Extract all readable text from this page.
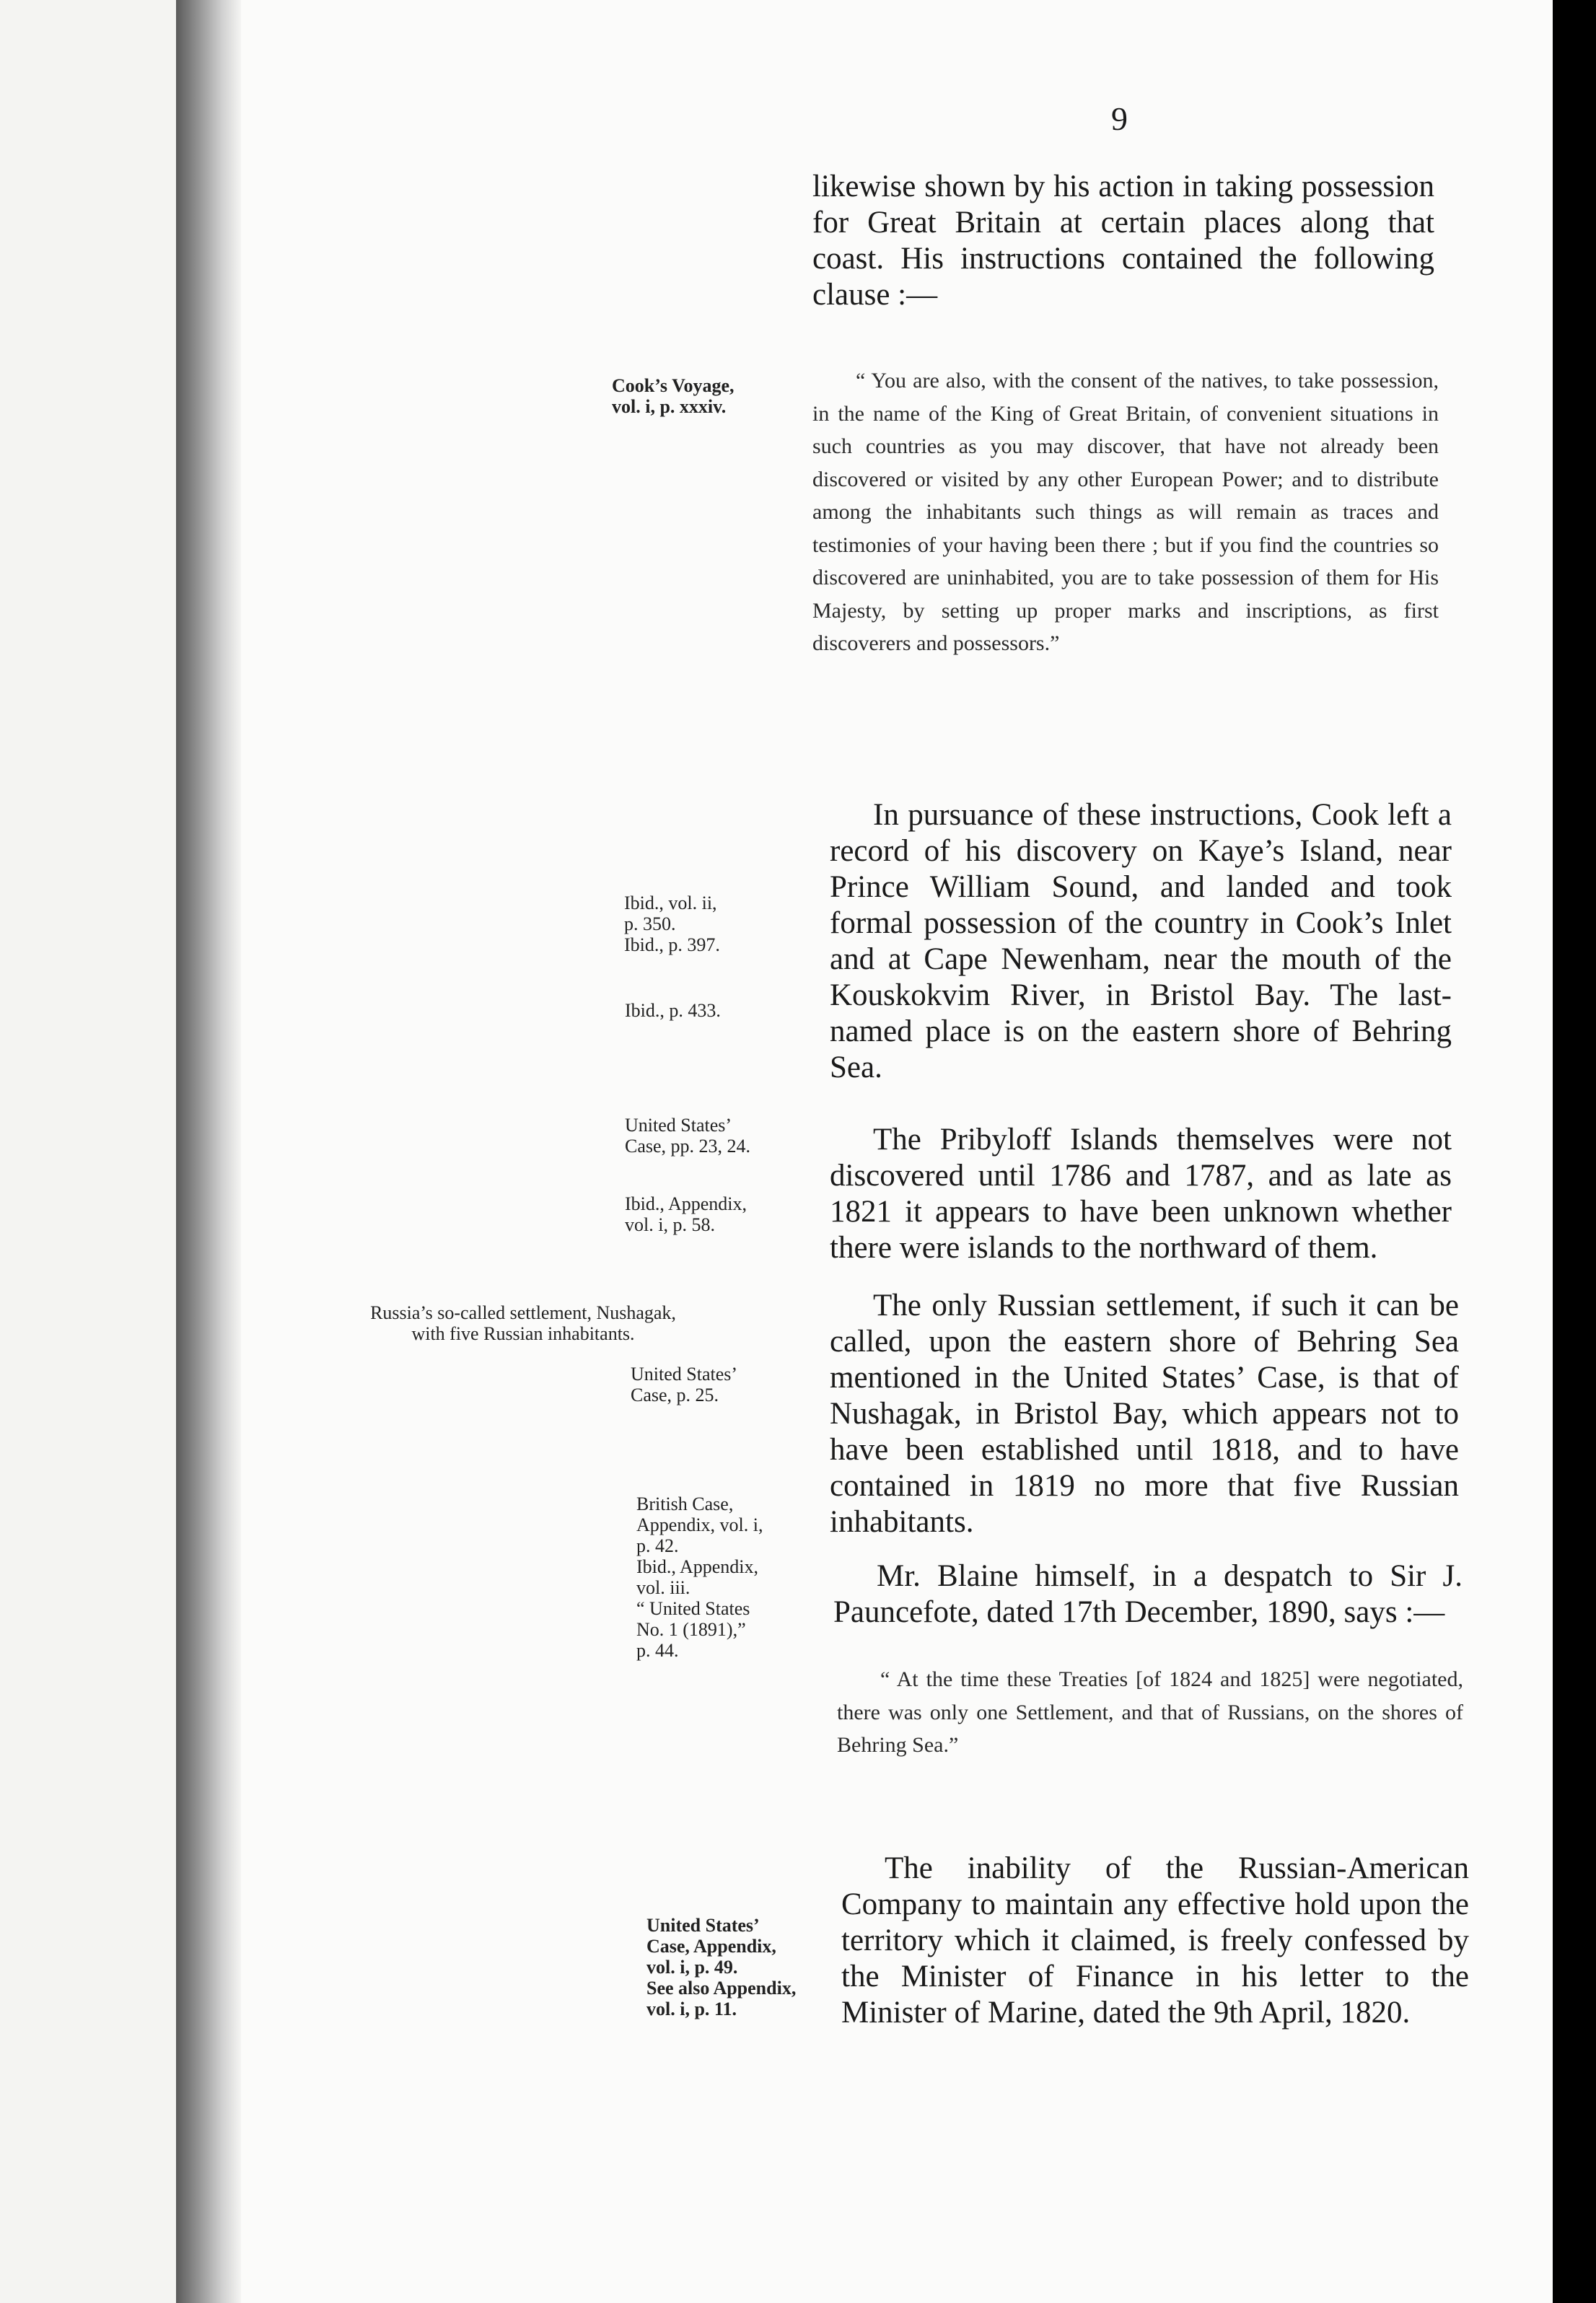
9

likewise shown by his action in taking possession for Great Britain at certain places along that coast. His instructions contained the following clause :—

“ You are also, with the consent of the natives, to take possession, in the name of the King of Great Britain, of convenient situations in such countries as you may discover, that have not already been discovered or visited by any other European Power; and to distribute among the inhabitants such things as will remain as traces and testimonies of your having been there ; but if you find the countries so discovered are uninhabited, you are to take possession of them for His Majesty, by setting up proper marks and inscriptions, as first discoverers and possessors.”

In pursuance of these instructions, Cook left a record of his discovery on Kaye’s Island, near Prince William Sound, and landed and took formal possession of the country in Cook’s Inlet and at Cape Newenham, near the mouth of the Kouskokvim River, in Bristol Bay. The last-named place is on the eastern shore of Behring Sea.

The Pribyloff Islands themselves were not discovered until 1786 and 1787, and as late as 1821 it appears to have been unknown whether there were islands to the northward of them.

The only Russian settlement, if such it can be called, upon the eastern shore of Behring Sea mentioned in the United States’ Case, is that of Nushagak, in Bristol Bay, which appears not to have been established until 1818, and to have contained in 1819 no more that five Russian inhabitants.

Mr. Blaine himself, in a despatch to Sir J. Pauncefote, dated 17th December, 1890, says :—

“ At the time these Treaties [of 1824 and 1825] were negotiated, there was only one Settlement, and that of Russians, on the shores of Behring Sea.”

The inability of the Russian-American Company to maintain any effective hold upon the territory which it claimed, is freely confessed by the Minister of Finance in his letter to the Minister of Marine, dated the 9th April, 1820.

Cook’s Voyage,
vol. i, p. xxxiv.
Ibid., vol. ii,
p. 350.
Ibid., p. 397.
Ibid., p. 433.
United States’
Case, pp. 23, 24.
Ibid., Appendix,
vol. i, p. 58.
Russia’s so-called settlement, Nushagak,
with five Russian inhabitants.
United States’
Case, p. 25.
British Case,
Appendix, vol. i,
p. 42.
Ibid., Appendix,
vol. iii.
“ United States
No. 1 (1891),”
p. 44.
United States’
Case, Appendix,
vol. i, p. 49.
See also Appendix,
vol. i, p. 11.
